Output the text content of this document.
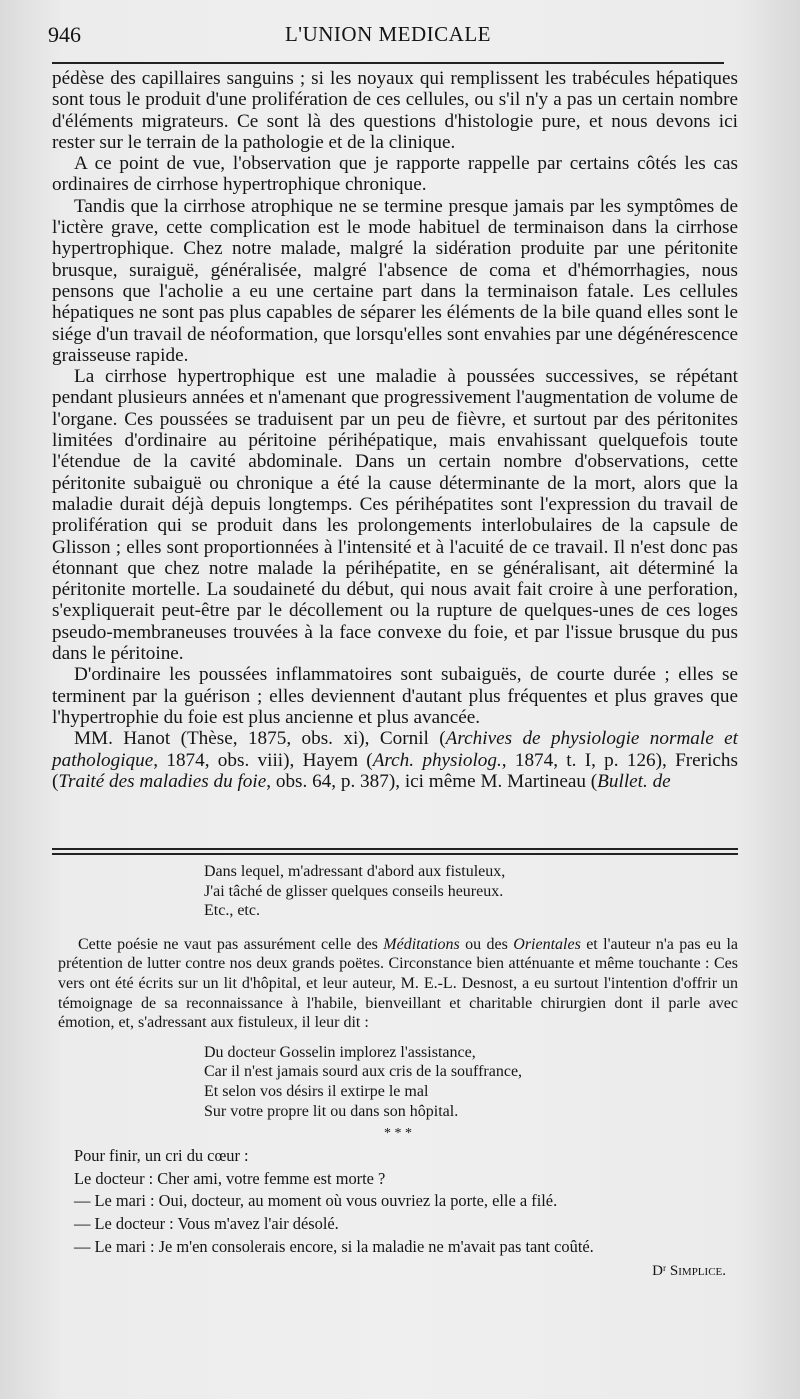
946	L'UNION MEDICALE

pédèse des capillaires sanguins ; si les noyaux qui remplissent les trabécules hépatiques sont tous le produit d'une prolifération de ces cellules, ou s'il n'y a pas un certain nombre d'éléments migrateurs. Ce sont là des questions d'histologie pure, et nous devons ici rester sur le terrain de la pathologie et de la clinique.

A ce point de vue, l'observation que je rapporte rappelle par certains côtés les cas ordinaires de cirrhose hypertrophique chronique.

Tandis que la cirrhose atrophique ne se termine presque jamais par les symptômes de l'ictère grave, cette complication est le mode habituel de terminaison dans la cirrhose hypertrophique. Chez notre malade, malgré la sidération produite par une péritonite brusque, suraiguë, généralisée, malgré l'absence de coma et d'hémorrhagies, nous pensons que l'acholie a eu une certaine part dans la terminaison fatale. Les cellules hépatiques ne sont pas plus capables de séparer les éléments de la bile quand elles sont le siége d'un travail de néoformation, que lorsqu'elles sont envahies par une dégénérescence graisseuse rapide.

La cirrhose hypertrophique est une maladie à poussées successives, se répétant pendant plusieurs années et n'amenant que progressivement l'augmentation de volume de l'organe. Ces poussées se traduisent par un peu de fièvre, et surtout par des péritonites limitées d'ordinaire au péritoine périhépatique, mais envahissant quelquefois toute l'étendue de la cavité abdominale. Dans un certain nombre d'observations, cette péritonite subaiguë ou chronique a été la cause déterminante de la mort, alors que la maladie durait déjà depuis longtemps. Ces périhépatites sont l'expression du travail de prolifération qui se produit dans les prolongements interlobulaires de la capsule de Glisson ; elles sont proportionnées à l'intensité et à l'acuité de ce travail. Il n'est donc pas étonnant que chez notre malade la périhépatite, en se généralisant, ait déterminé la péritonite mortelle. La soudaineté du début, qui nous avait fait croire à une perforation, s'expliquerait peut-être par le décollement ou la rupture de quelques-unes de ces loges pseudo-membraneuses trouvées à la face convexe du foie, et par l'issue brusque du pus dans le péritoine.

D'ordinaire les poussées inflammatoires sont subaiguës, de courte durée ; elles se terminent par la guérison ; elles deviennent d'autant plus fréquentes et plus graves que l'hypertrophie du foie est plus ancienne et plus avancée.

MM. Hanot (Thèse, 1875, obs. xi), Cornil (Archives de physiologie normale et pathologique, 1874, obs. viii), Hayem (Arch. physiolog., 1874, t. I, p. 126), Frerichs (Traité des maladies du foie, obs. 64, p. 387), ici même M. Martineau (Bullet. de

Dans lequel, m'adressant d'abord aux fistuleux,
J'ai tâché de glisser quelques conseils heureux.
Etc., etc.

Cette poésie ne vaut pas assurément celle des Méditations ou des Orientales et l'auteur n'a pas eu la prétention de lutter contre nos deux grands poëtes. Circonstance bien atténuante et même touchante : Ces vers ont été écrits sur un lit d'hôpital, et leur auteur, M. E.-L. Desnost, a eu surtout l'intention d'offrir un témoignage de sa reconnaissance à l'habile, bienveillant et charitable chirurgien dont il parle avec émotion, et, s'adressant aux fistuleux, il leur dit :

Du docteur Gosselin implorez l'assistance,
Car il n'est jamais sourd aux cris de la souffrance,
Et selon vos désirs il extirpe le mal
Sur votre propre lit ou dans son hôpital.
* * *
Pour finir, un cri du cœur :
Le docteur : Cher ami, votre femme est morte ?
— Le mari : Oui, docteur, au moment où vous ouvriez la porte, elle a filé.
— Le docteur : Vous m'avez l'air désolé.
— Le mari : Je m'en consolerais encore, si la maladie ne m'avait pas tant coûté.

Dʳ Simplice.
